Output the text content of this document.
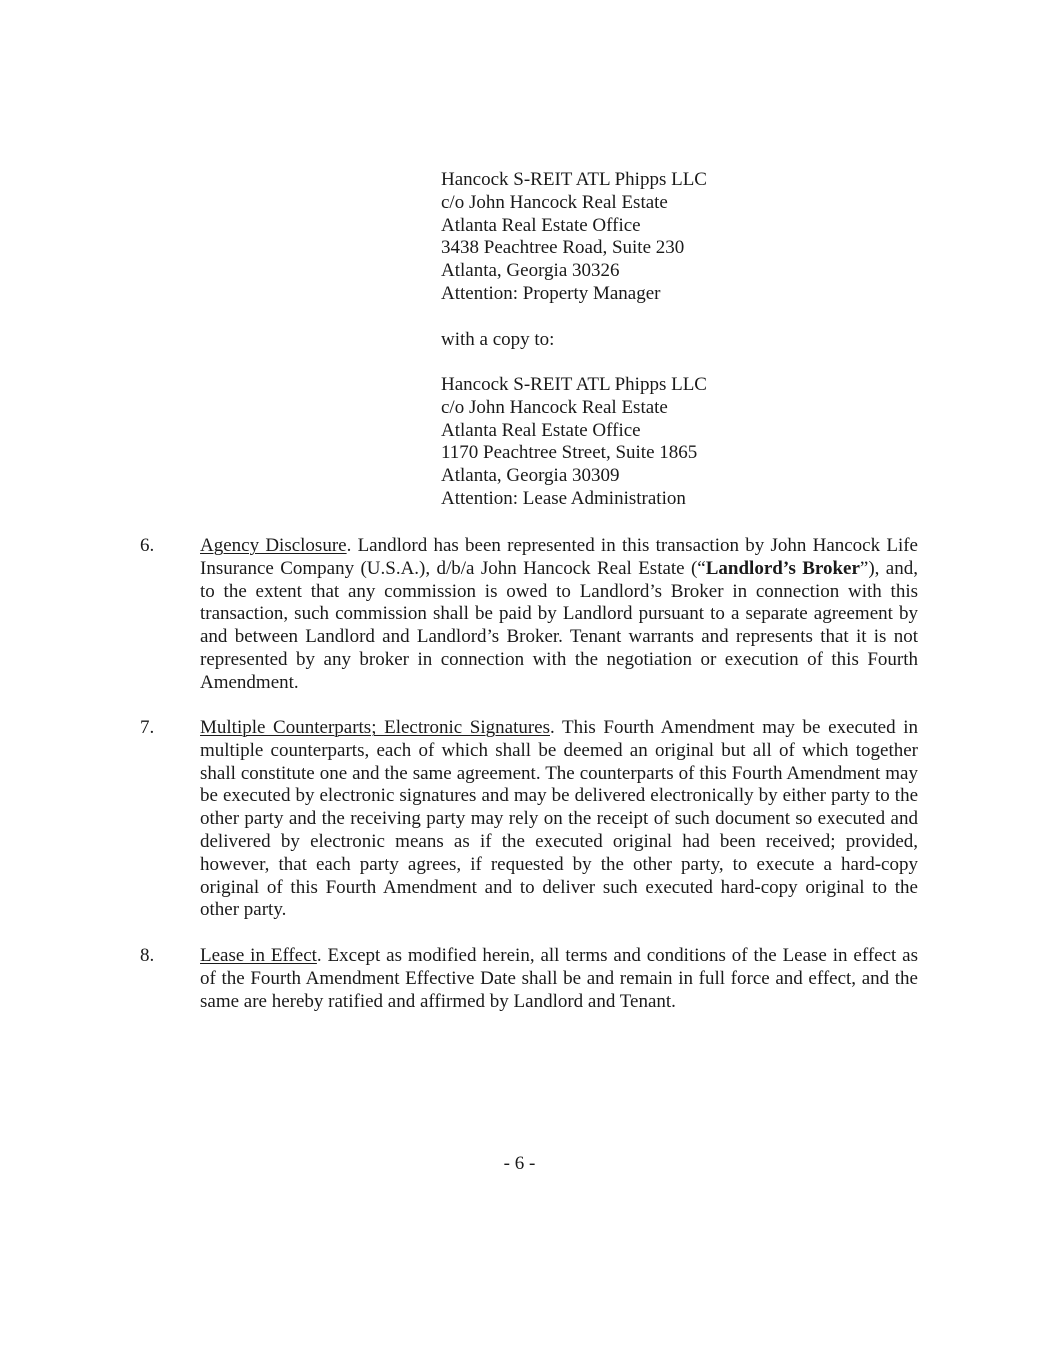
Hancock S-REIT ATL Phipps LLC
c/o John Hancock Real Estate
Atlanta Real Estate Office
3438 Peachtree Road, Suite 230
Atlanta, Georgia 30326
Attention: Property Manager
with a copy to:
Hancock S-REIT ATL Phipps LLC
c/o John Hancock Real Estate
Atlanta Real Estate Office
1170 Peachtree Street, Suite 1865
Atlanta, Georgia 30309
Attention: Lease Administration
6. Agency Disclosure. Landlord has been represented in this transaction by John Hancock Life Insurance Company (U.S.A.), d/b/a John Hancock Real Estate (“Landlord’s Broker”), and, to the extent that any commission is owed to Landlord’s Broker in connection with this transaction, such commission shall be paid by Landlord pursuant to a separate agreement by and between Landlord and Landlord’s Broker. Tenant warrants and represents that it is not represented by any broker in connection with the negotiation or execution of this Fourth Amendment.
7. Multiple Counterparts; Electronic Signatures. This Fourth Amendment may be executed in multiple counterparts, each of which shall be deemed an original but all of which together shall constitute one and the same agreement. The counterparts of this Fourth Amendment may be executed by electronic signatures and may be delivered electronically by either party to the other party and the receiving party may rely on the receipt of such document so executed and delivered by electronic means as if the executed original had been received; provided, however, that each party agrees, if requested by the other party, to execute a hard-copy original of this Fourth Amendment and to deliver such executed hard-copy original to the other party.
8. Lease in Effect. Except as modified herein, all terms and conditions of the Lease in effect as of the Fourth Amendment Effective Date shall be and remain in full force and effect, and the same are hereby ratified and affirmed by Landlord and Tenant.
- 6 -
